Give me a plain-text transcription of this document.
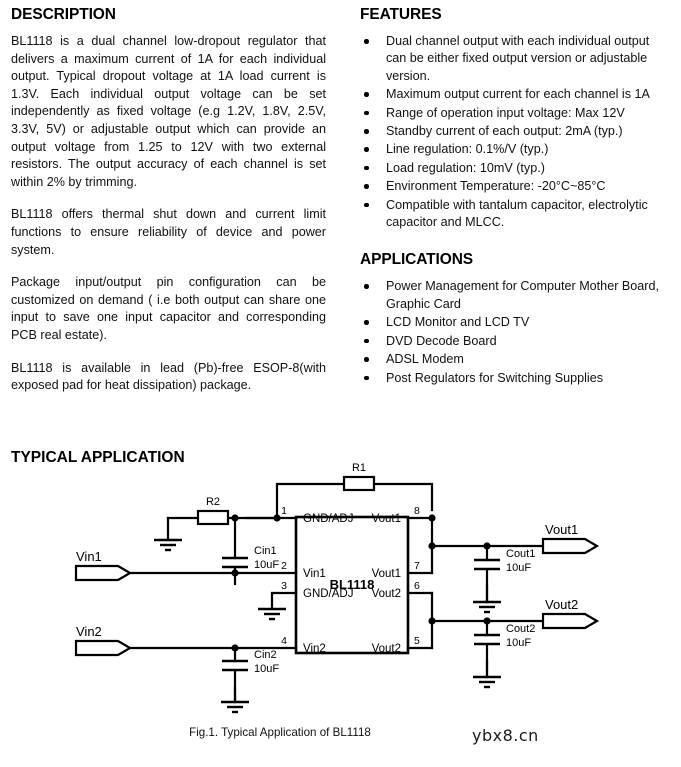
DESCRIPTION

BL1118 is a dual channel low-dropout regulator that delivers a maximum current of 1A for each individual output. Typical dropout voltage at 1A load current is 1.3V. Each individual output voltage can be set independently as fixed voltage (e.g 1.2V, 1.8V, 2.5V, 3.3V, 5V) or adjustable output which can provide an output voltage from 1.25 to 12V with two external resistors. The output accuracy of each channel is set within 2% by trimming.

BL1118 offers thermal shut down and current limit functions to ensure reliability of device and power system.

Package input/output pin configuration can be customized on demand ( i.e both output can share one input to save one input capacitor and corresponding PCB real estate).

BL1118 is available in lead (Pb)-free ESOP-8(with exposed pad for heat dissipation) package.

FEATURES
Dual channel output with each individual output can be either fixed output version or adjustable version.
Maximum output current for each channel is 1A
Range of operation input voltage: Max 12V
Standby current of each output: 2mA (typ.)
Line regulation: 0.1%/V (typ.)
Load regulation: 10mV (typ.)
Environment Temperature: -20°C~85°C
Compatible with tantalum capacitor, electrolytic capacitor and MLCC.
APPLICATIONS
Power Management for Computer Mother Board, Graphic Card
LCD Monitor and LCD TV
DVD Decode Board
ADSL Modem
Post Regulators for Switching Supplies
TYPICAL APPLICATION
BL1118
GND/ADJ
Vin1
GND/ADJ
Vin2
Vout1
Vout1
Vout2
Vout2
1
2
3
4
8
7
6
5
R1
R2
Cin1
10uF
Cin2
10uF
Cout1
10uF
Cout2
10uF
Vin1
Vin2
Vout1
Vout2
Fig.1. Typical Application of BL1118	ybx8.cn
